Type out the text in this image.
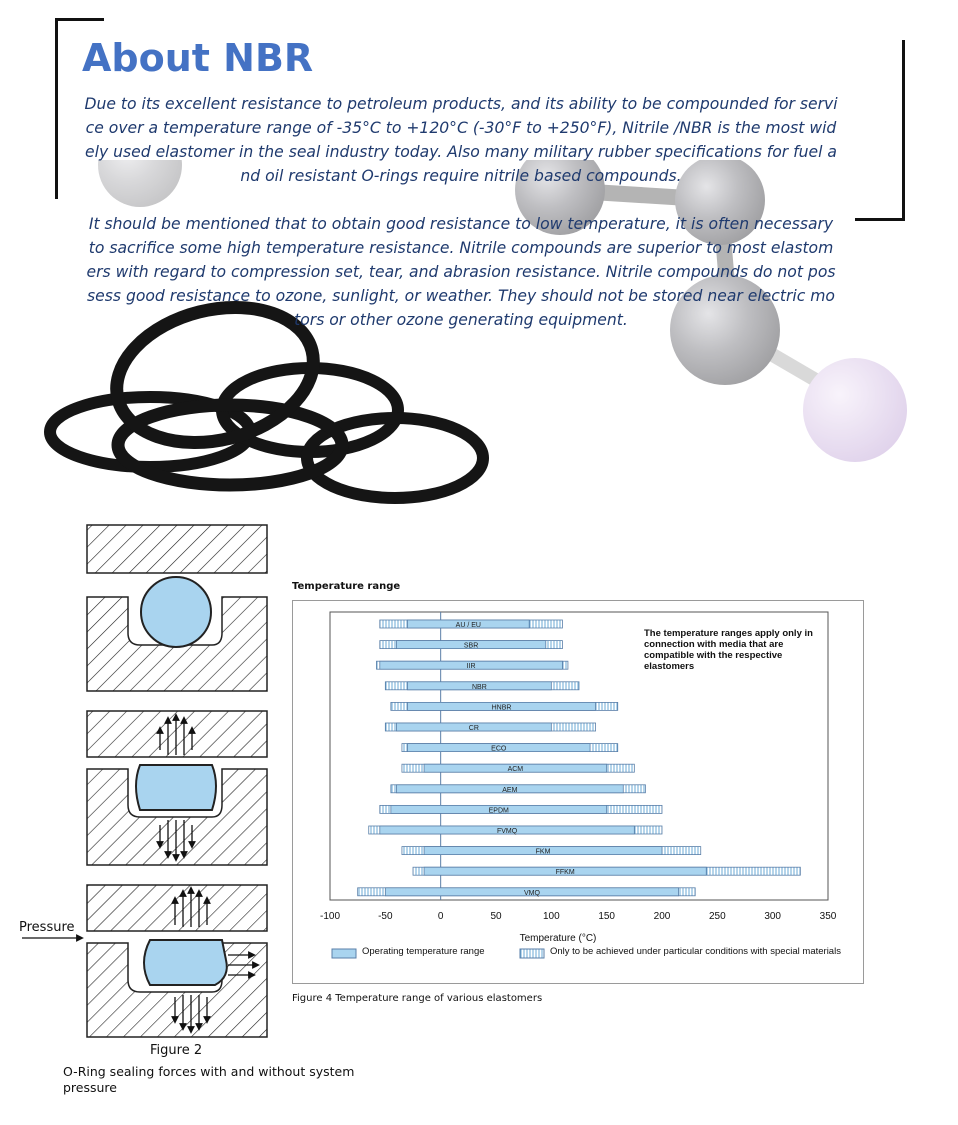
About NBR

Due to its excellent resistance to petroleum products, and its ability to be compounded for service over a temperature range of -35°C to +120°C (-30°F to +250°F), Nitrile /NBR is the most widely used elastomer in the seal industry today. Also many military rubber specifications for fuel and oil resistant O-rings require nitrile based compounds.

It should be mentioned that to obtain good resistance to low temperature, it is often necessary to sacrifice some high temperature resistance. Nitrile compounds are superior to most elastomers with regard to compression set, tear, and abrasion resistance. Nitrile compounds do not possess good resistance to ozone, sunlight, or weather. They should not be stored near electric motors or other ozone generating equipment.

Pressure
Figure 2
O-Ring sealing forces with and without system pressure
Temperature range
AU / EU
SBR
IIR
NBR
HNBR
CR
ECO
ACM
AEM
EPDM
FVMQ
FKM
FFKM
VMQ
-100	-50	0	50	100	150	200	250	300	350
Temperature (°C)
The temperature ranges apply only in connection with media that are compatible with the respective elastomers
Operating temperature range	Only to be achieved under particular conditions with special materials
Figure 4 Temperature range of various elastomers
